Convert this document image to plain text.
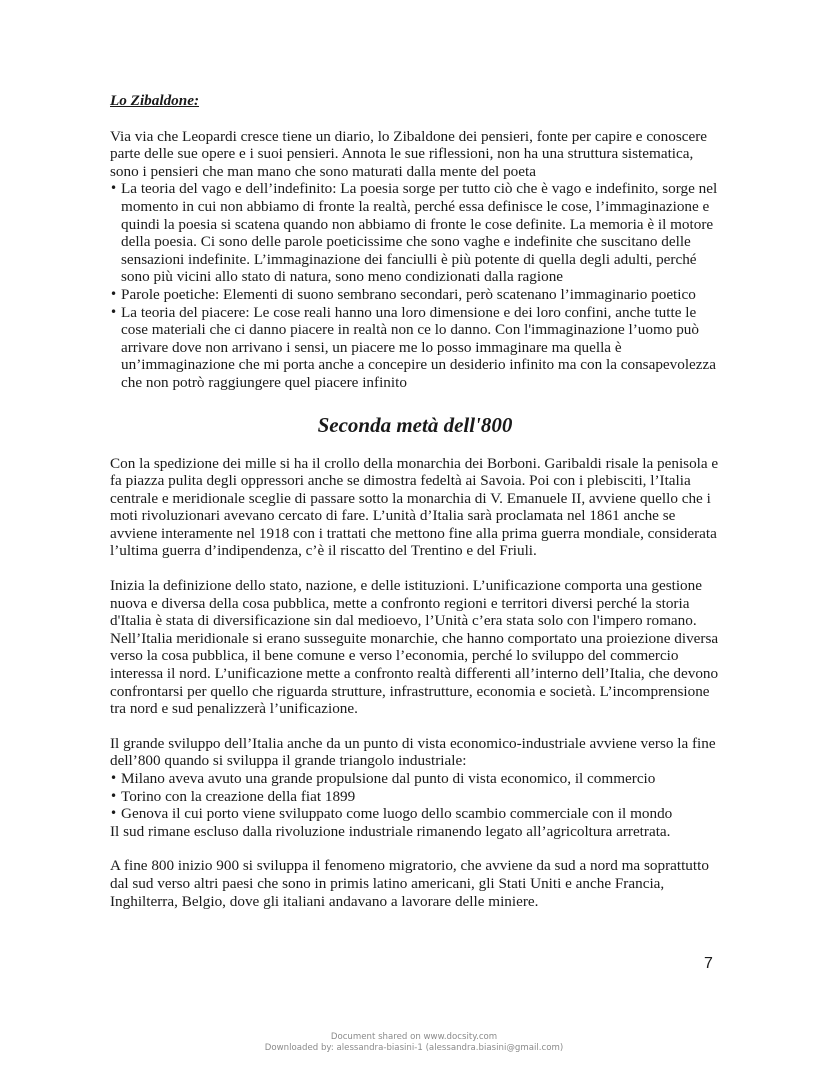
Lo Zibaldone:

Via via che Leopardi cresce tiene un diario, lo Zibaldone dei pensieri, fonte per capire e conoscere parte delle sue opere e i suoi pensieri. Annota le sue riflessioni, non ha una struttura sistematica, sono i pensieri che man mano che sono maturati dalla mente del poeta

• La teoria del vago e dell’indefinito: La poesia sorge per tutto ciò che è vago e indefinito, sorge nel momento in cui non abbiamo di fronte la realtà, perché essa definisce le cose, l’immaginazione e quindi la poesia si scatena quando non abbiamo di fronte le cose definite. La memoria è il motore della poesia. Ci sono delle parole poeticissime che sono vaghe e indefinite che suscitano delle sensazioni indefinite. L’immaginazione dei fanciulli è più potente di quella degli adulti, perché sono più vicini allo stato di natura, sono meno condizionati dalla ragione
• Parole poetiche: Elementi di suono sembrano secondari, però scatenano l’immaginario poetico
• La teoria del piacere: Le cose reali hanno una loro dimensione e dei loro confini, anche tutte le cose materiali che ci danno piacere in realtà non ce lo danno. Con l'immaginazione l’uomo può arrivare dove non arrivano i sensi, un piacere me lo posso immaginare ma quella è un’immaginazione che mi porta anche a concepire un desiderio infinito ma con la consapevolezza che non potrò raggiungere quel piacere infinito
Seconda metà dell'800

Con la spedizione dei mille si ha il crollo della monarchia dei Borboni. Garibaldi risale la penisola e fa piazza pulita degli oppressori anche se dimostra fedeltà ai Savoia. Poi con i plebisciti, l’Italia centrale e meridionale sceglie di passare sotto la monarchia di V. Emanuele II, avviene quello che i moti rivoluzionari avevano cercato di fare. L’unità d’Italia sarà proclamata nel 1861 anche se avviene interamente nel 1918 con i trattati che mettono fine alla prima guerra mondiale, considerata l’ultima guerra d’indipendenza, c’è il riscatto del Trentino e del Friuli.

Inizia la definizione dello stato, nazione, e delle istituzioni. L’unificazione comporta una gestione nuova e diversa della cosa pubblica, mette a confronto regioni e territori diversi perché la storia d'Italia è stata di diversificazione sin dal medioevo, l’Unità c’era stata solo con l'impero romano. Nell’Italia meridionale si erano susseguite monarchie, che hanno comportato una proiezione diversa verso la cosa pubblica, il bene comune e verso l’economia, perché lo sviluppo del commercio interessa il nord. L’unificazione mette a confronto realtà differenti all’interno dell’Italia, che devono confrontarsi per quello che riguarda strutture, infrastrutture, economia e società. L’incomprensione tra nord e sud penalizzerà l’unificazione.

Il grande sviluppo dell’Italia anche da un punto di vista economico-industriale avviene verso la fine dell’800 quando si sviluppa il grande triangolo industriale:

• Milano aveva avuto una grande propulsione dal punto di vista economico, il commercio
• Torino con la creazione della fiat 1899
• Genova il cui porto viene sviluppato come luogo dello scambio commerciale con il mondo

Il sud rimane escluso dalla rivoluzione industriale rimanendo legato all’agricoltura arretrata.

A fine 800 inizio 900 si sviluppa il fenomeno migratorio, che avviene da sud a nord ma soprattutto dal sud verso altri paesi che sono in primis latino americani, gli Stati Uniti e anche Francia, Inghilterra, Belgio, dove gli italiani andavano a lavorare delle miniere.

7
Document shared on www.docsity.com
Downloaded by: alessandra-biasini-1 (alessandra.biasini@gmail.com)
